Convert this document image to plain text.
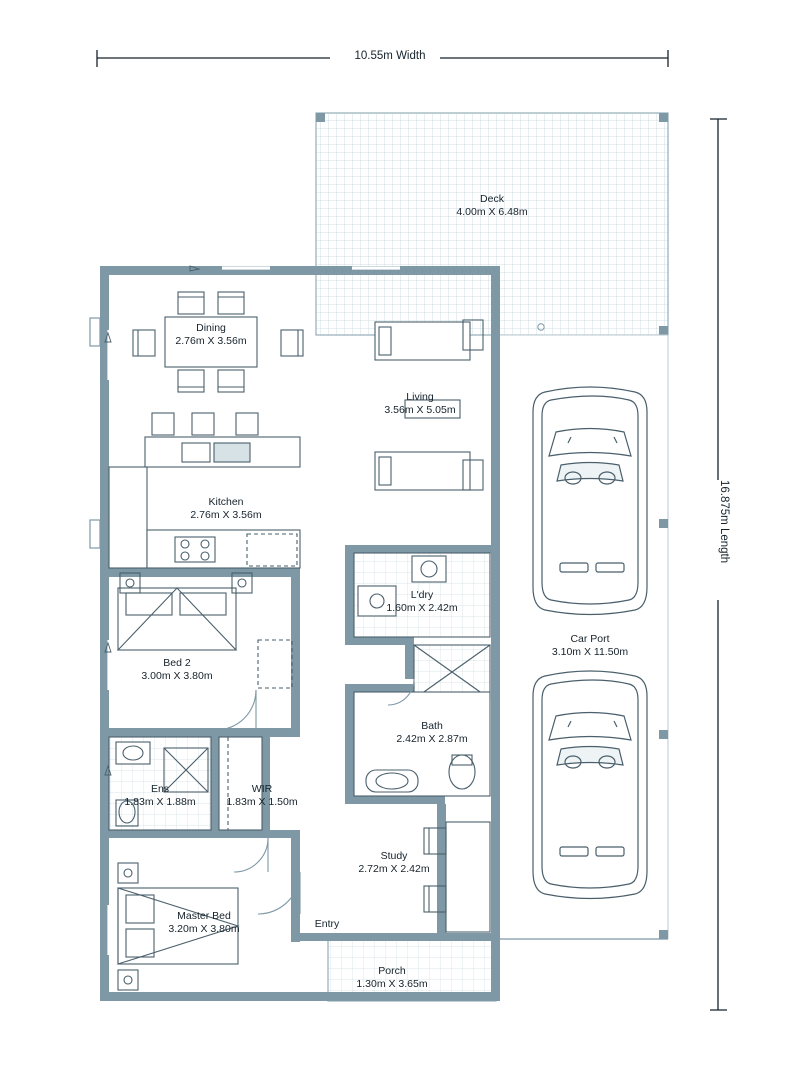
10.55m Width
16.875m Length
Deck
4.00m X 6.48m
Dining
2.76m X 3.56m
Living
3.56m X 5.05m
Kitchen
2.76m X 3.56m
Bed 2
3.00m X 3.80m
L'dry
1.60m X 2.42m
Car Port
3.10m X 11.50m
Bath
2.42m X 2.87m
Ens
1.83m X 1.88m
WIR
1.83m X 1.50m
Study
2.72m X 2.42m
Master Bed
3.20m X 3.80m	Entry
Porch
1.30m X 3.65m
